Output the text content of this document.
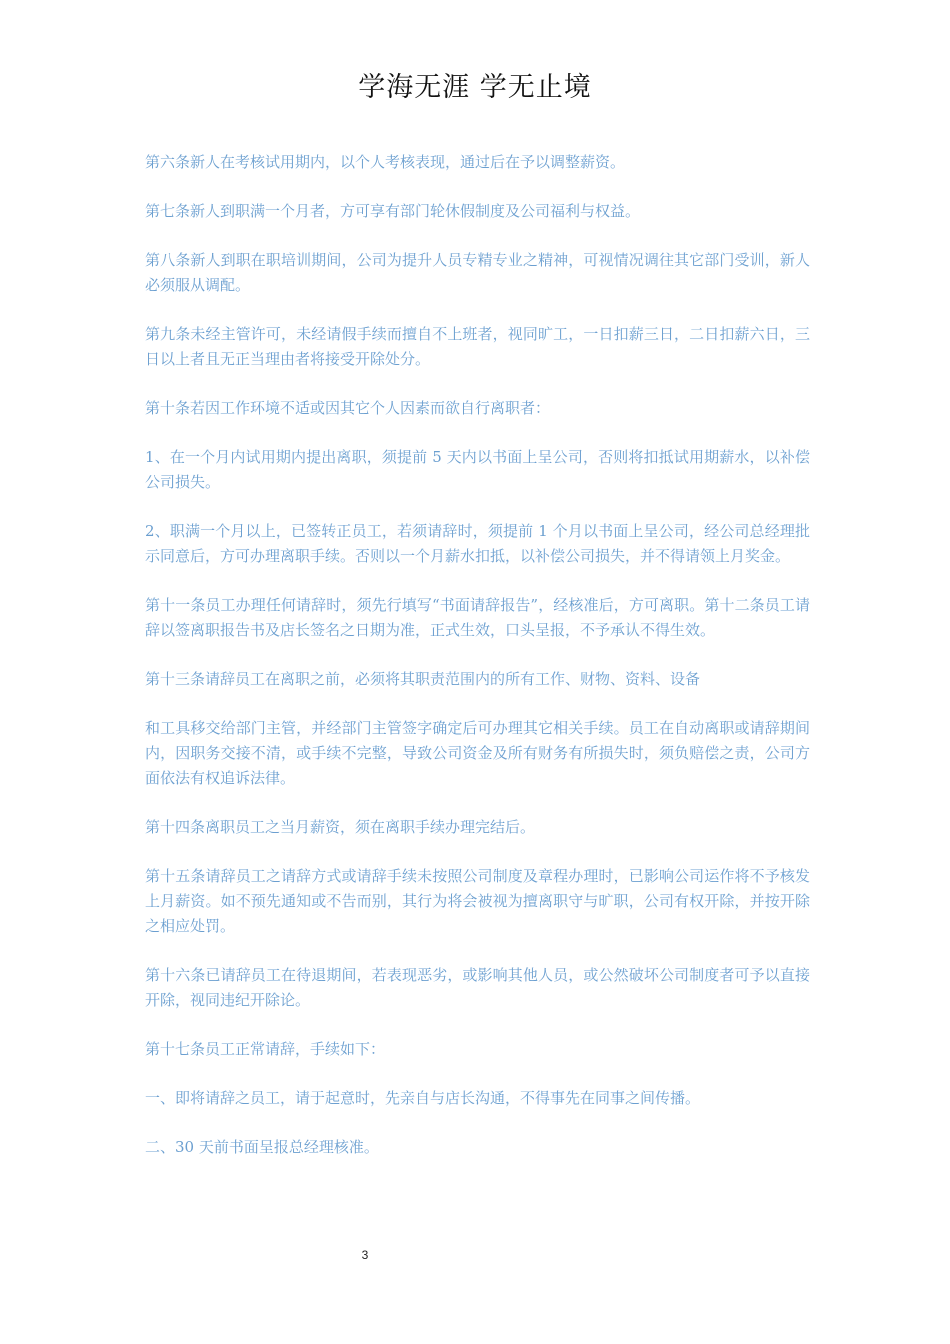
学海无涯 学无止境

第六条新人在考核试用期内，以个人考核表现，通过后在予以调整薪资。

第七条新人到职满一个月者，方可享有部门轮休假制度及公司福利与权益。

第八条新人到职在职培训期间，公司为提升人员专精专业之精神，可视情况调往其它部门受训，新人必须服从调配。

第九条未经主管许可，未经请假手续而擅自不上班者，视同旷工，一日扣薪三日，二日扣薪六日，三日以上者且无正当理由者将接受开除处分。

第十条若因工作环境不适或因其它个人因素而欲自行离职者：

1、在一个月内试用期内提出离职，须提前 5 天内以书面上呈公司，否则将扣抵试用期薪水，以补偿公司损失。

2、职满一个月以上，已签转正员工，若须请辞时，须提前 1 个月以书面上呈公司，经公司总经理批示同意后，方可办理离职手续。否则以一个月薪水扣抵，以补偿公司损失，并不得请领上月奖金。

第十一条员工办理任何请辞时，须先行填写“书面请辞报告”，经核准后，方可离职。第十二条员工请辞以签离职报告书及店长签名之日期为准，正式生效，口头呈报，不予承认不得生效。

第十三条请辞员工在离职之前，必须将其职责范围内的所有工作、财物、资料、设备

和工具移交给部门主管，并经部门主管签字确定后可办理其它相关手续。员工在自动离职或请辞期间内，因职务交接不清，或手续不完整，导致公司资金及所有财务有所损失时，须负赔偿之责，公司方面依法有权追诉法律。

第十四条离职员工之当月薪资，须在离职手续办理完结后。

第十五条请辞员工之请辞方式或请辞手续未按照公司制度及章程办理时，已影响公司运作将不予核发上月薪资。如不预先通知或不告而别，其行为将会被视为擅离职守与旷职，公司有权开除，并按开除之相应处罚。

第十六条已请辞员工在待退期间，若表现恶劣，或影响其他人员，或公然破坏公司制度者可予以直接开除，视同违纪开除论。

第十七条员工正常请辞，手续如下：

一、即将请辞之员工，请于起意时，先亲自与店长沟通，不得事先在同事之间传播。

二、30 天前书面呈报总经理核准。

3
